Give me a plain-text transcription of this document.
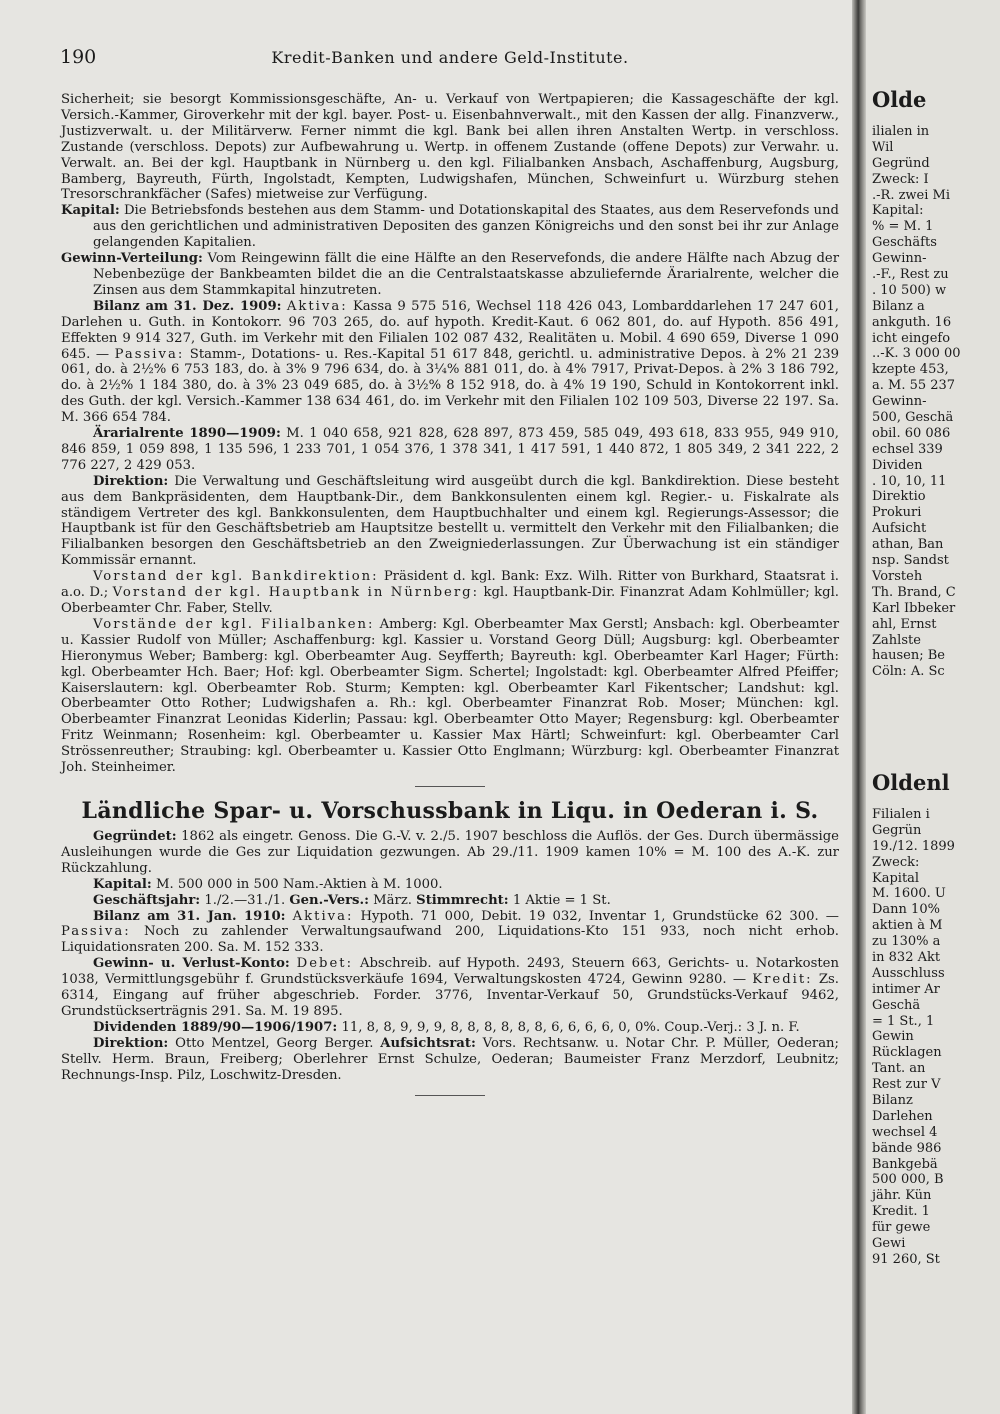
190	Kredit-Banken und andere Geld-Institute.

Sicherheit; sie besorgt Kommissionsgeschäfte, An- u. Verkauf von Wertpapieren; die Kassageschäfte der kgl. Versich.-Kammer, Giroverkehr mit der kgl. bayer. Post- u. Eisenbahnverwalt., mit den Kassen der allg. Finanzverw., Justizverwalt. u. der Militärverw. Ferner nimmt die kgl. Bank bei allen ihren Anstalten Wertp. in verschloss. Zustande (verschloss. Depots) zur Aufbewahrung u. Wertp. in offenem Zustande (offene Depots) zur Verwahr. u. Verwalt. an. Bei der kgl. Hauptbank in Nürnberg u. den kgl. Filialbanken Ansbach, Aschaffenburg, Augsburg, Bamberg, Bayreuth, Fürth, Ingolstadt, Kempten, Ludwigshafen, München, Schweinfurt u. Würzburg stehen Tresorschrankfächer (Safes) mietweise zur Verfügung.

Kapital: Die Betriebsfonds bestehen aus dem Stamm- und Dotationskapital des Staates, aus dem Reservefonds und aus den gerichtlichen und administrativen Depositen des ganzen Königreichs und den sonst bei ihr zur Anlage gelangenden Kapitalien.

Gewinn-Verteilung: Vom Reingewinn fällt die eine Hälfte an den Reservefonds, die andere Hälfte nach Abzug der Nebenbezüge der Bankbeamten bildet die an die Centralstaatskasse abzuliefernde Ärarialrente, welcher die Zinsen aus dem Stammkapital hinzutreten.

Bilanz am 31. Dez. 1909: Aktiva: Kassa 9 575 516, Wechsel 118 426 043, Lombarddarlehen 17 247 601, Darlehen u. Guth. in Kontokorr. 96 703 265, do. auf hypoth. Kredit-Kaut. 6 062 801, do. auf Hypoth. 856 491, Effekten 9 914 327, Guth. im Verkehr mit den Filialen 102 087 432, Realitäten u. Mobil. 4 690 659, Diverse 1 090 645. — Passiva: Stamm-, Dotations- u. Res.-Kapital 51 617 848, gerichtl. u. administrative Depos. à 2% 21 239 061, do. à 2½% 6 753 183, do. à 3% 9 796 634, do. à 3¼% 881 011, do. à 4% 7917, Privat-Depos. à 2% 3 186 792, do. à 2½% 1 184 380, do. à 3% 23 049 685, do. à 3½% 8 152 918, do. à 4% 19 190, Schuld in Kontokorrent inkl. des Guth. der kgl. Versich.-Kammer 138 634 461, do. im Verkehr mit den Filialen 102 109 503, Diverse 22 197. Sa. M. 366 654 784.

Ärarialrente 1890—1909: M. 1 040 658, 921 828, 628 897, 873 459, 585 049, 493 618, 833 955, 949 910, 846 859, 1 059 898, 1 135 596, 1 233 701, 1 054 376, 1 378 341, 1 417 591, 1 440 872, 1 805 349, 2 341 222, 2 776 227, 2 429 053.

Direktion: Die Verwaltung und Geschäftsleitung wird ausgeübt durch die kgl. Bankdirektion. Diese besteht aus dem Bankpräsidenten, dem Hauptbank-Dir., dem Bankkonsulenten einem kgl. Regier.- u. Fiskalrate als ständigem Vertreter des kgl. Bankkonsulenten, dem Hauptbuchhalter und einem kgl. Regierungs-Assessor; die Hauptbank ist für den Geschäftsbetrieb am Hauptsitze bestellt u. vermittelt den Verkehr mit den Filialbanken; die Filialbanken besorgen den Geschäftsbetrieb an den Zweigniederlassungen. Zur Überwachung ist ein ständiger Kommissär ernannt.

Vorstand der kgl. Bankdirektion: Präsident d. kgl. Bank: Exz. Wilh. Ritter von Burkhard, Staatsrat i. a.o. D.; Vorstand der kgl. Hauptbank in Nürnberg: kgl. Hauptbank-Dir. Finanzrat Adam Kohlmüller; kgl. Oberbeamter Chr. Faber, Stellv.

Vorstände der kgl. Filialbanken: Amberg: Kgl. Oberbeamter Max Gerstl; Ansbach: kgl. Oberbeamter u. Kassier Rudolf von Müller; Aschaffenburg: kgl. Kassier u. Vorstand Georg Düll; Augsburg: kgl. Oberbeamter Hieronymus Weber; Bamberg: kgl. Oberbeamter Aug. Seyfferth; Bayreuth: kgl. Oberbeamter Karl Hager; Fürth: kgl. Oberbeamter Hch. Baer; Hof: kgl. Oberbeamter Sigm. Schertel; Ingolstadt: kgl. Oberbeamter Alfred Pfeiffer; Kaiserslautern: kgl. Oberbeamter Rob. Sturm; Kempten: kgl. Oberbeamter Karl Fikentscher; Landshut: kgl. Oberbeamter Otto Rother; Ludwigshafen a. Rh.: kgl. Oberbeamter Finanzrat Rob. Moser; München: kgl. Oberbeamter Finanzrat Leonidas Kiderlin; Passau: kgl. Oberbeamter Otto Mayer; Regensburg: kgl. Oberbeamter Fritz Weinmann; Rosenheim: kgl. Oberbeamter u. Kassier Max Härtl; Schweinfurt: kgl. Oberbeamter Carl Strössenreuther; Straubing: kgl. Oberbeamter u. Kassier Otto Englmann; Würzburg: kgl. Oberbeamter Finanzrat Joh. Steinheimer.

Ländliche Spar- u. Vorschussbank in Liqu. in Oederan i. S.

Gegründet: 1862 als eingetr. Genoss. Die G.-V. v. 2./5. 1907 beschloss die Auflös. der Ges. Durch übermässige Ausleihungen wurde die Ges zur Liquidation gezwungen. Ab 29./11. 1909 kamen 10% = M. 100 des A.-K. zur Rückzahlung.

Kapital: M. 500 000 in 500 Nam.-Aktien à M. 1000.

Geschäftsjahr: 1./2.—31./1. Gen.-Vers.: März. Stimmrecht: 1 Aktie = 1 St.

Bilanz am 31. Jan. 1910: Aktiva: Hypoth. 71 000, Debit. 19 032, Inventar 1, Grundstücke 62 300. — Passiva: Noch zu zahlender Verwaltungsaufwand 200, Liquidations-Kto 151 933, noch nicht erhob. Liquidationsraten 200. Sa. M. 152 333.

Gewinn- u. Verlust-Konto: Debet: Abschreib. auf Hypoth. 2493, Steuern 663, Gerichts- u. Notarkosten 1038, Vermittlungsgebühr f. Grundstücksverkäufe 1694, Verwaltungskosten 4724, Gewinn 9280. — Kredit: Zs. 6314, Eingang auf früher abgeschrieb. Forder. 3776, Inventar-Verkauf 50, Grundstücks-Verkauf 9462, Grundstückserträgnis 291. Sa. M. 19 895.

Dividenden 1889/90—1906/1907: 11, 8, 8, 9, 9, 9, 8, 8, 8, 8, 8, 8, 6, 6, 6, 6, 0, 0%. Coup.-Verj.: 3 J. n. F.

Direktion: Otto Mentzel, Georg Berger. Aufsichtsrat: Vors. Rechtsanw. u. Notar Chr. P. Müller, Oederan; Stellv. Herm. Braun, Freiberg; Oberlehrer Ernst Schulze, Oederan; Baumeister Franz Merzdorf, Leubnitz; Rechnungs-Insp. Pilz, Loschwitz-Dresden.

Olde
ilialen in
Wil
Gegründ
Zweck: I
.-R. zwei Mi
Kapital:
% = M. 1
Geschäfts
Gewinn-
.-F., Rest zu
. 10 500) w
Bilanz a
ankguth. 16
icht eingefo
..-K. 3 000 00
kzepte 453,
a. M. 55 237
Gewinn-
500, Geschä
obil. 60 086
echsel 339
Dividen
. 10, 10, 11
Direktio
Prokuri
Aufsicht
athan, Ban
nsp. Sandst
Vorsteh
Th. Brand, C
Karl Ibbeker
ahl, Ernst
Zahlste
hausen; Be
Cöln: A. Sc
Oldenl
Filialen i
Gegrün
19./12. 1899
Zweck:
Kapital
M. 1600. U
Dann 10%
aktien à M
zu 130% a
in 832 Akt
Ausschluss
intimer Ar
Geschä
= 1 St., 1
Gewin
Rücklagen
Tant. an
Rest zur V
Bilanz
Darlehen
wechsel 4
bände 986
Bankgebä
500 000, B
jähr. Kün
Kredit. 1
für gewe
Gewi
91 260, St
